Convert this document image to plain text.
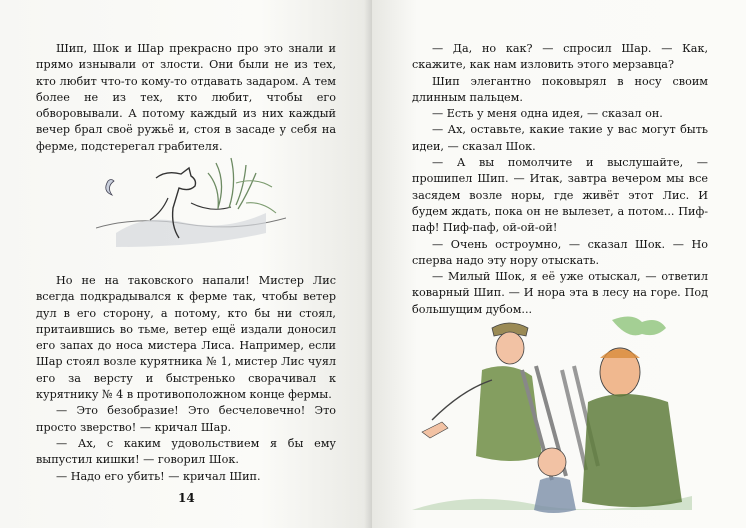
Шип, Шок и Шар прекрасно про это знали и прямо изнывали от злости. Они были не из тех, кто любит что-то кому-то отдавать задаром. А тем более не из тех, кто любит, чтобы его обворовывали. А потому каждый из них каждый вечер брал своё ружьё и, стоя в засаде у себя на ферме, подстерегал грабителя.

Но не на таковского напали! Мистер Лис всегда подкрадывался к ферме так, чтобы ветер дул в его сторону, а потому, кто бы ни стоял, притаившись во тьме, ветер ещё издали доносил его запах до носа мистера Лиса. Например, если Шар стоял возле курятника № 1, мистер Лис чуял его за версту и быстренько сворачивал к курятнику № 4 в противоположном конце фермы.

— Это безобразие! Это бесчеловечно! Это просто зверство! — кричал Шар.

— Ах, с каким удовольствием я бы ему выпустил кишки! — говорил Шок.

— Надо его убить! — кричал Шип.

14

— Да, но как? — спросил Шар. — Как, скажите, как нам изловить этого мерзавца?

Шип элегантно поковырял в носу своим длинным пальцем.

— Есть у меня одна идея, — сказал он.

— Ах, оставьте, какие такие у вас могут быть идеи, — сказал Шок.

— А вы помолчите и выслушайте, — прошипел Шип. — Итак, завтра вечером мы все засядем возле норы, где живёт этот Лис. И будем ждать, пока он не вылезет, а потом... Пиф-паф! Пиф-паф, ой-ой-ой!

— Очень остроумно, — сказал Шок. — Но сперва надо эту нору отыскать.

— Милый Шок, я её уже отыскал, — ответил коварный Шип. — И нора эта в лесу на горе. Под большущим дубом...
